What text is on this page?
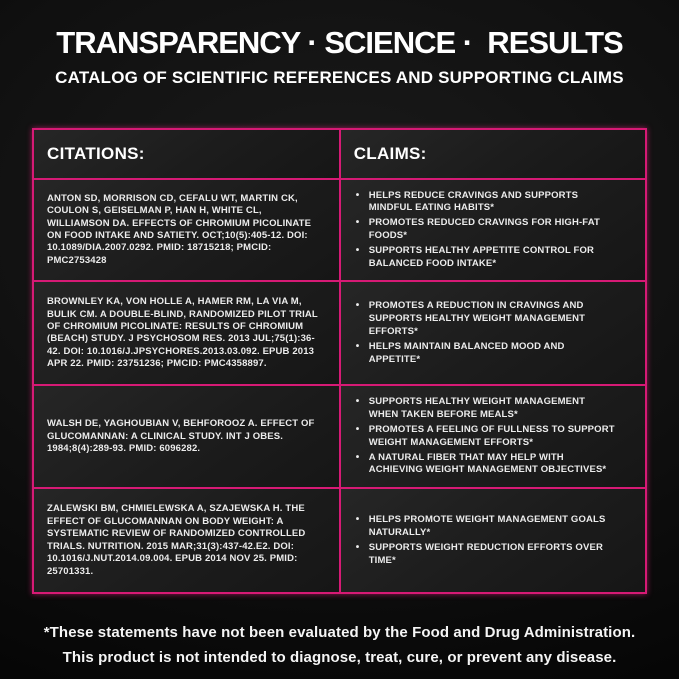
TRANSPARENCY · SCIENCE ·  RESULTS
CATALOG OF SCIENTIFIC REFERENCES AND SUPPORTING CLAIMS
CITATIONS:	CLAIMS:

ANTON SD, MORRISON CD, CEFALU WT, MARTIN CK, COULON S, GEISELMAN P, HAN H, WHITE CL, WILLIAMSON DA. EFFECTS OF CHROMIUM PICOLINATE ON FOOD INTAKE AND SATIETY. OCT;10(5):405-12. DOI: 10.1089/DIA.2007.0292. PMID: 18715218; PMCID: PMC2753428

• HELPS REDUCE CRAVINGS AND SUPPORTS MINDFUL EATING HABITS*
• PROMOTES REDUCED CRAVINGS FOR HIGH-FAT FOODS*
• SUPPORTS HEALTHY APPETITE CONTROL FOR BALANCED FOOD INTAKE*

BROWNLEY KA, VON HOLLE A, HAMER RM, LA VIA M, BULIK CM. A DOUBLE-BLIND, RANDOMIZED PILOT TRIAL OF CHROMIUM PICOLINATE: RESULTS OF CHROMIUM (BEACH) STUDY. J PSYCHOSOM RES. 2013 JUL;75(1):36-42. DOI: 10.1016/J.JPSYCHORES.2013.03.092. EPUB 2013 APR 22. PMID: 23751236; PMCID: PMC4358897.

• PROMOTES A REDUCTION IN CRAVINGS AND SUPPORTS HEALTHY WEIGHT MANAGEMENT EFFORTS*
• HELPS MAINTAIN BALANCED MOOD AND APPETITE*

WALSH DE, YAGHOUBIAN V, BEHFOROOZ A. EFFECT OF GLUCOMANNAN: A CLINICAL STUDY. INT J OBES. 1984;8(4):289-93. PMID: 6096282.

• SUPPORTS HEALTHY WEIGHT MANAGEMENT WHEN TAKEN BEFORE MEALS*
• PROMOTES A FEELING OF FULLNESS TO SUPPORT WEIGHT MANAGEMENT EFFORTS*
• A NATURAL FIBER THAT MAY HELP WITH ACHIEVING WEIGHT MANAGEMENT OBJECTIVES*

ZALEWSKI BM, CHMIELEWSKA A, SZAJEWSKA H. THE EFFECT OF GLUCOMANNAN ON BODY WEIGHT: A SYSTEMATIC REVIEW OF RANDOMIZED CONTROLLED TRIALS. NUTRITION. 2015 MAR;31(3):437-42.E2. DOI: 10.1016/J.NUT.2014.09.004. EPUB 2014 NOV 25. PMID: 25701331.

• HELPS PROMOTE WEIGHT MANAGEMENT GOALS NATURALLY*
• SUPPORTS WEIGHT REDUCTION EFFORTS OVER TIME*

*These statements have not been evaluated by the Food and Drug Administration. This product is not intended to diagnose, treat, cure, or prevent any disease.
